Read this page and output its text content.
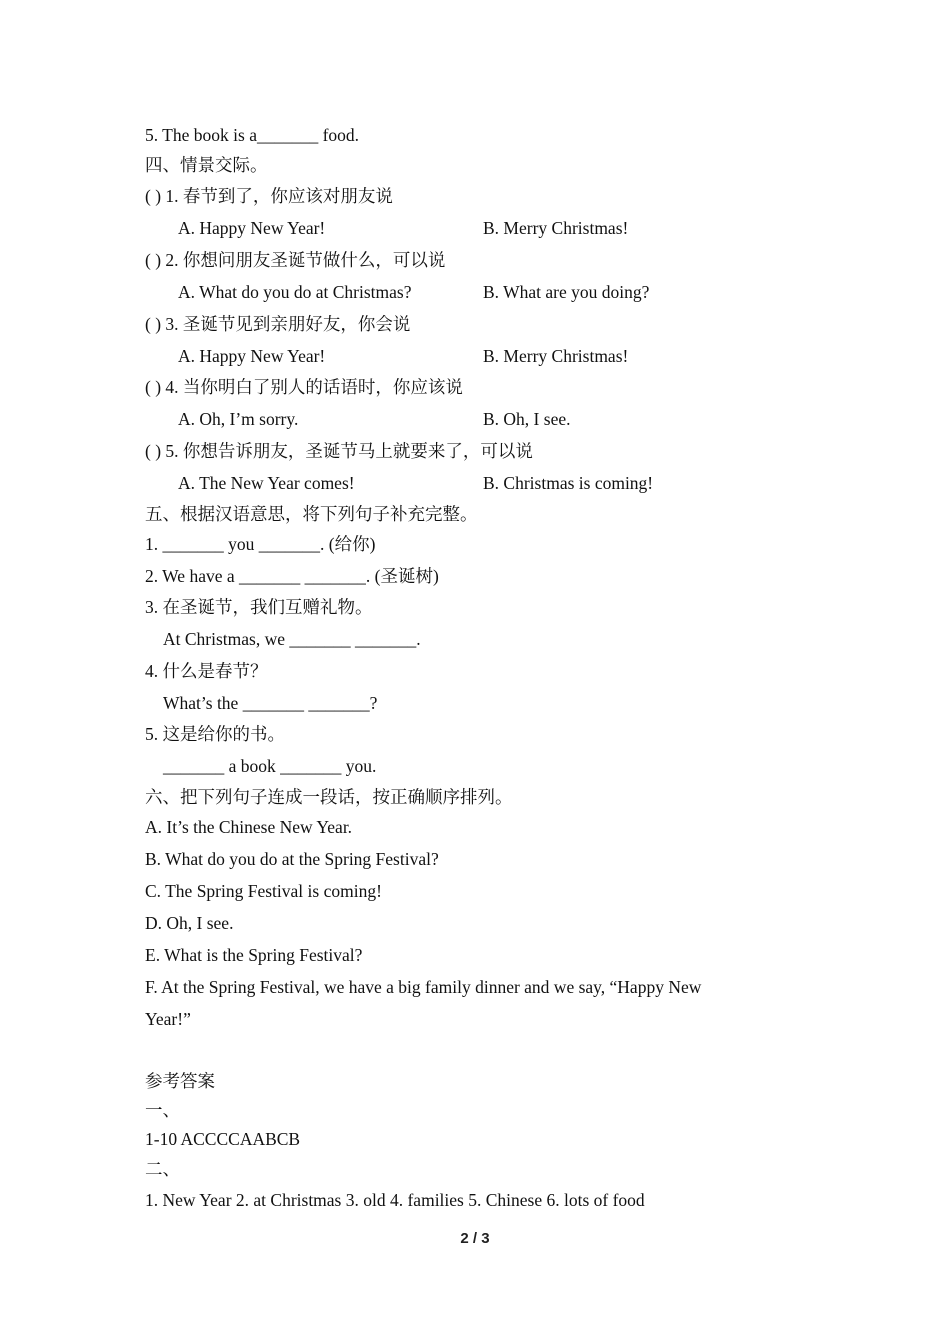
5. The book is a_______ food.
四、情景交际。
( ) 1. 春节到了，你应该对朋友说
A. Happy New Year!	B. Merry Christmas!
( ) 2. 你想问朋友圣诞节做什么，可以说
A. What do you do at Christmas?	B. What are you doing?
( ) 3. 圣诞节见到亲朋好友，你会说
A. Happy New Year!	B. Merry Christmas!
( ) 4. 当你明白了别人的话语时，你应该说
A. Oh, I’m sorry.	B. Oh, I see.
( ) 5. 你想告诉朋友，圣诞节马上就要来了，可以说
A. The New Year comes!	B. Christmas is coming!
五、根据汉语意思，将下列句子补充完整。
1. _______ you _______. (给你)
2. We have a _______ _______. (圣诞树)
3. 在圣诞节，我们互赠礼物。
At Christmas, we _______ _______.
4. 什么是春节？
What’s the _______ _______?
5. 这是给你的书。
_______ a book _______ you.
六、把下列句子连成一段话，按正确顺序排列。
A. It’s the Chinese New Year.
B. What do you do at the Spring Festival?
C. The Spring Festival is coming!
D. Oh, I see.
E. What is the Spring Festival?
F. At the Spring Festival, we have a big family dinner and we say, “Happy New
Year!”
参考答案
一、
1-10 ACCCCAABCB
二、
1. New Year 2. at Christmas 3. old 4. families 5. Chinese 6. lots of food
2 / 3
